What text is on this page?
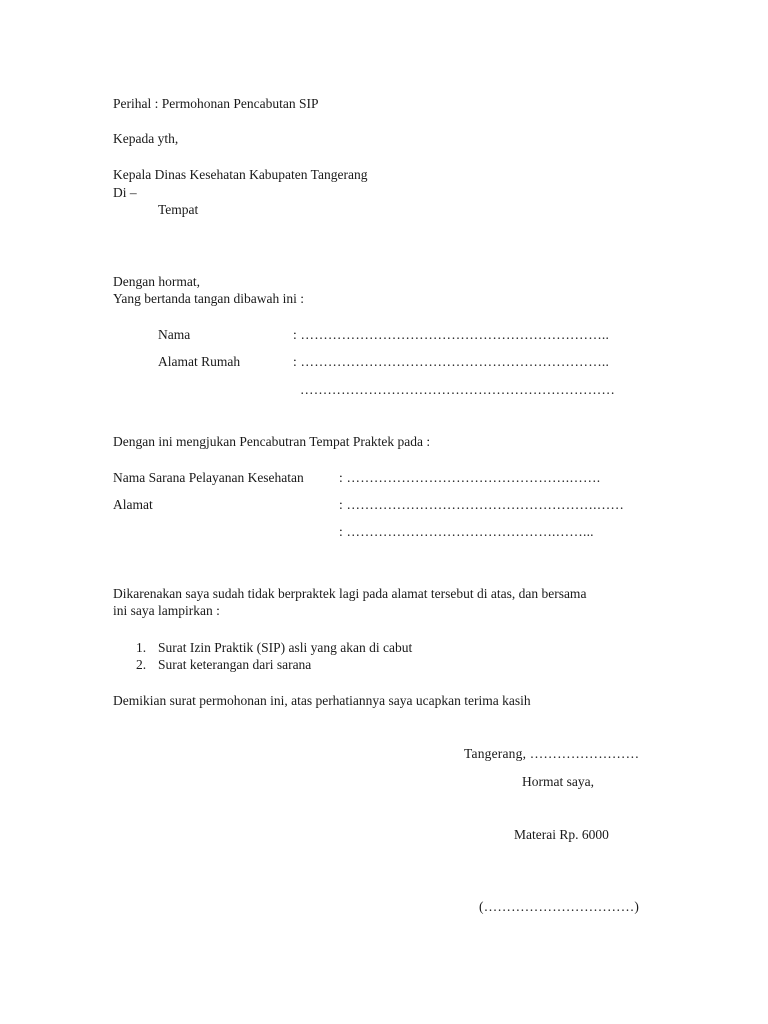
Perihal : Permohonan Pencabutan SIP
Kepada yth,
Kepala Dinas Kesehatan Kabupaten Tangerang
Di –
Tempat
Dengan hormat,
Yang bertanda tangan dibawah ini :
Nama	: …………………………………………………………..
Alamat Rumah	: …………………………………………………………..
……………………………………………………………
Dengan ini mengjukan Pencabutran Tempat Praktek pada :
Nama Sarana Pelayanan Kesehatan	: ………………………………………….…….
Alamat	: ……………………………………………….……
: ……………………………………….……...
Dikarenakan saya sudah tidak berpraktek lagi pada alamat tersebut di atas, dan bersama
ini saya lampirkan :
1. Surat Izin Praktik (SIP) asli yang akan di cabut
2. Surat keterangan dari sarana
Demikian surat permohonan ini, atas perhatiannya saya ucapkan terima kasih
Tangerang, ……………………
Hormat saya,
Materai Rp. 6000
(……………………………)
